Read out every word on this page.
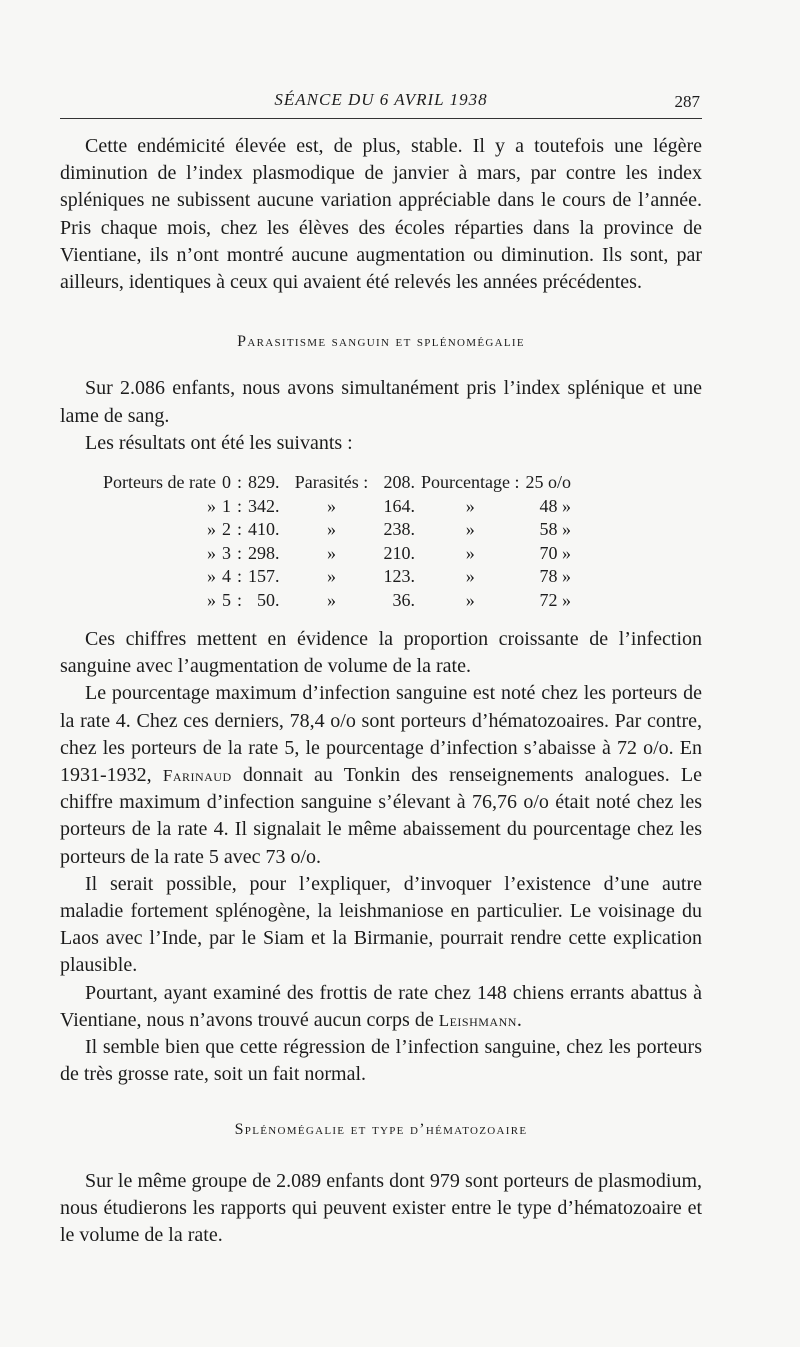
SÉANCE DU 6 AVRIL 1938	287

Cette endémicité élevée est, de plus, stable. Il y a toutefois une légère diminution de l’index plasmodique de janvier à mars, par contre les index spléniques ne subissent aucune variation appréciable dans le cours de l’année. Pris chaque mois, chez les élèves des écoles réparties dans la province de Vientiane, ils n’ont montré aucune augmentation ou diminution. Ils sont, par ailleurs, identiques à ceux qui avaient été relevés les années précédentes.

Parasitisme sanguin et splénomégalie

Sur 2.086 enfants, nous avons simultanément pris l’index splénique et une lame de sang.

Les résultats ont été les suivants :

Porteurs de rate	0	:	829.	Parasités :	208.	Pourcentage :	25 o/o
»	1	:	342.	»	164.	»	48 »
»	2	:	410.	»	238.	»	58 »
»	3	:	298.	»	210.	»	70 »
»	4	:	157.	»	123.	»	78 »
»	5	:	50.	»	36.	»	72 »

Ces chiffres mettent en évidence la proportion croissante de l’infection sanguine avec l’augmentation de volume de la rate.

Le pourcentage maximum d’infection sanguine est noté chez les porteurs de la rate 4. Chez ces derniers, 78,4 o/o sont porteurs d’hématozoaires. Par contre, chez les porteurs de la rate 5, le pourcentage d’infection s’abaisse à 72 o/o. En 1931-1932, Farinaud donnait au Tonkin des renseignements analogues. Le chiffre maximum d’infection sanguine s’élevant à 76,76 o/o était noté chez les porteurs de la rate 4. Il signalait le même abaissement du pourcentage chez les porteurs de la rate 5 avec 73 o/o.

Il serait possible, pour l’expliquer, d’invoquer l’existence d’une autre maladie fortement splénogène, la leishmaniose en particulier. Le voisinage du Laos avec l’Inde, par le Siam et la Birmanie, pourrait rendre cette explication plausible.

Pourtant, ayant examiné des frottis de rate chez 148 chiens errants abattus à Vientiane, nous n’avons trouvé aucun corps de Leishmann.

Il semble bien que cette régression de l’infection sanguine, chez les porteurs de très grosse rate, soit un fait normal.

Splénomégalie et type d’hématozoaire

Sur le même groupe de 2.089 enfants dont 979 sont porteurs de plasmodium, nous étudierons les rapports qui peuvent exister entre le type d’hématozoaire et le volume de la rate.
